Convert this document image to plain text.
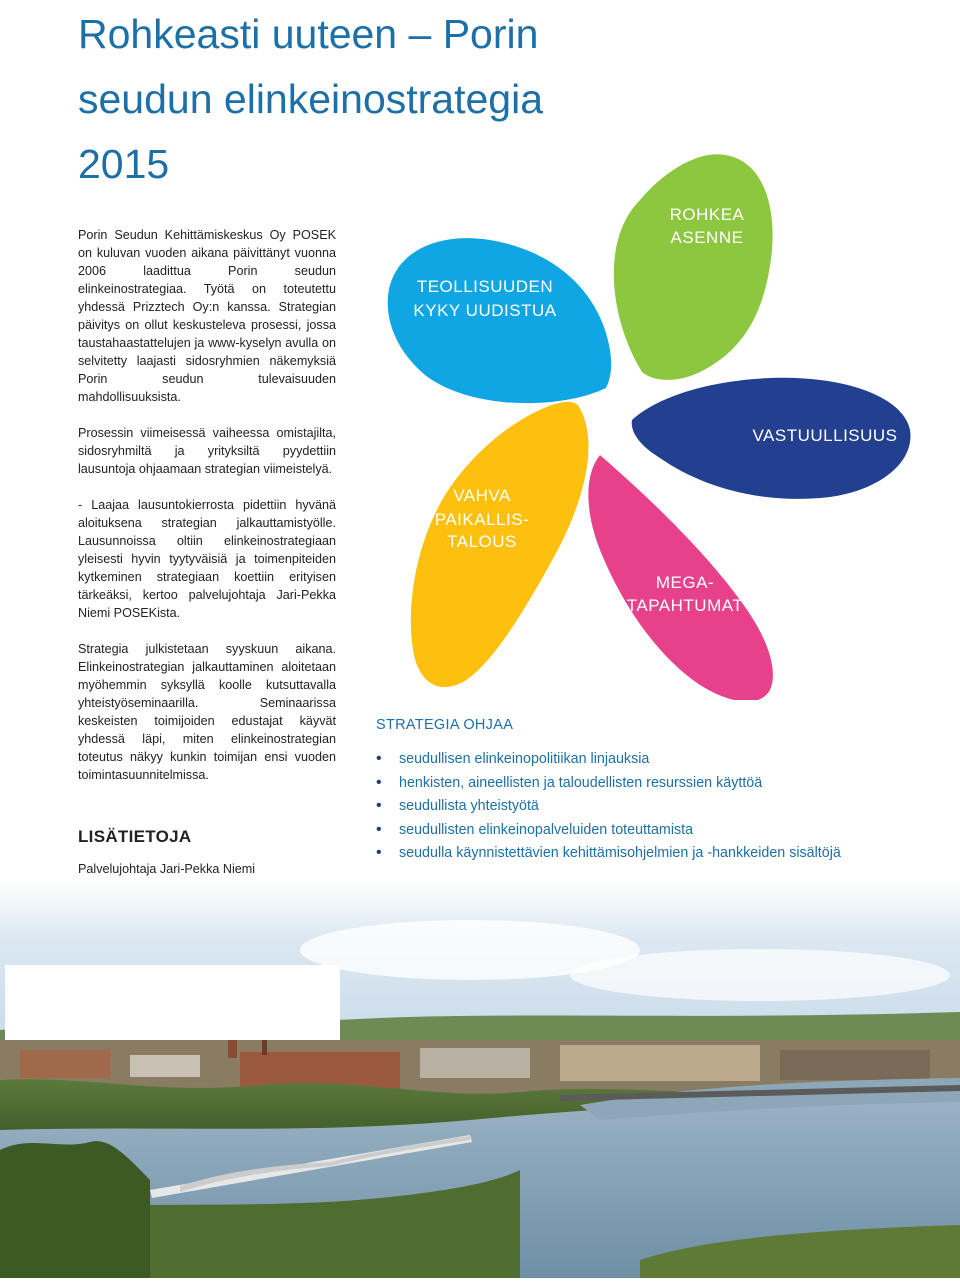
Rohkeasti uuteen – Porin
seudun elinkeinostrategia
2015

Porin Seudun Kehittämiskeskus Oy POSEK on kuluvan vuoden aikana päivittänyt vuonna 2006 laadittua Porin seudun elinkeinostrategiaa. Työtä on toteutettu yhdessä Prizztech Oy:n kanssa. Strategian päivitys on ollut keskusteleva prosessi, jossa taustahaastattelujen ja www-kyselyn avulla on selvitetty laajasti sidosryhmien näkemyksiä Porin seudun tulevaisuuden mahdollisuuksista.

Prosessin viimeisessä vaiheessa omistajilta, sidosryhmiltä ja yrityksiltä pyydettiin lausuntoja ohjaamaan strategian viimeistelyä.

- Laajaa lausuntokierrosta pidettiin hyvänä aloituksena strategian jalkauttamistyölle. Lausunnoissa oltiin elinkeinostrategiaan yleisesti hyvin tyytyväisiä ja toimenpiteiden kytkeminen strategiaan koettiin erityisen tärkeäksi, kertoo palvelujohtaja Jari-Pekka Niemi POSEKista.

Strategia julkistetaan syyskuun aikana. Elinkeinostrategian jalkauttaminen aloitetaan myöhemmin syksyllä koolle kutsuttavalla yhteistyöseminaarilla. Seminaarissa keskeisten toimijoiden edustajat käyvät yhdessä läpi, miten elinkeinostrategian toteutus näkyy kunkin toimijan ensi vuoden toimintasuunnitelmissa.

LISÄTIETOJA
Palvelujohtaja Jari-Pekka Niemi
ROHKEA
ASENNE
TEOLLISUUDEN
KYKY UUDISTUA
VASTUULLISUUS
VAHVA
PAIKALLIS-
TALOUS
MEGA-
TAPAHTUMAT
STRATEGIA OHJAA
• seudullisen elinkeinopolitiikan linjauksia
• henkisten, aineellisten ja taloudellisten resurssien käyttöä
• seudullista yhteistyötä
• seudullisten elinkeinopalveluiden toteuttamista
• seudulla käynnistettävien kehittämisohjelmien ja -hankkeiden sisältöjä
